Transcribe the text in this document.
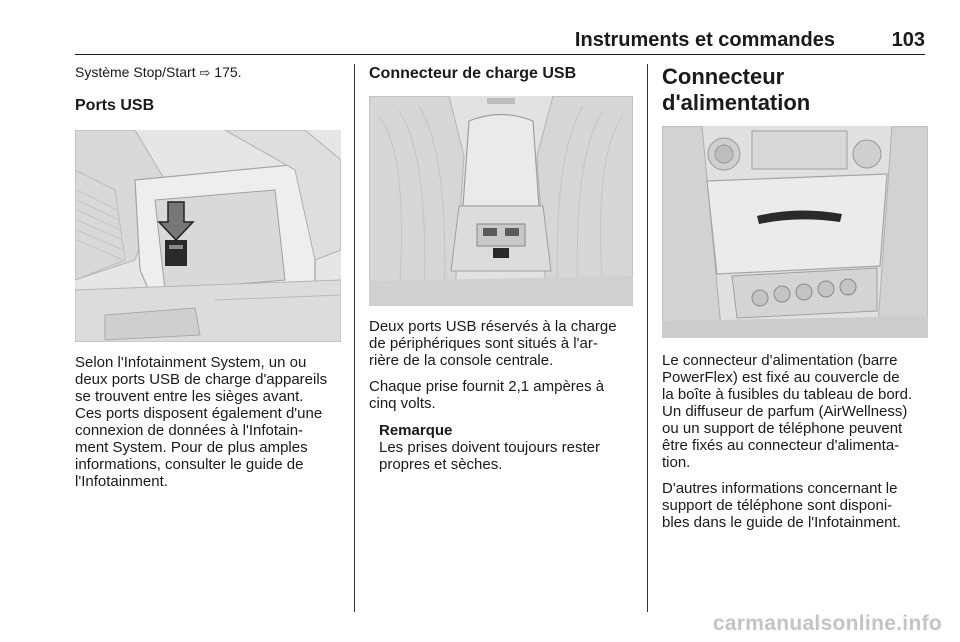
Instruments et commandes	103

Système Stop/Start ⇨ 175.

Ports USB

Selon l'Infotainment System, un ou
deux ports USB de charge d'appareils
se trouvent entre les sièges avant.
Ces ports disposent également d'une
connexion de données à l'Infotain-
ment System. Pour de plus amples
informations, consulter le guide de
l'Infotainment.

Connecteur de charge USB

Deux ports USB réservés à la charge
de périphériques sont situés à l'ar-
rière de la console centrale.

Chaque prise fournit 2,1 ampères à
cinq volts.

Remarque

Les prises doivent toujours rester
propres et sèches.

Connecteur d'alimentation

Le connecteur d'alimentation (barre
PowerFlex) est fixé au couvercle de
la boîte à fusibles du tableau de bord.
Un diffuseur de parfum (AirWellness)
ou un support de téléphone peuvent
être fixés au connecteur d'alimenta-
tion.

D'autres informations concernant le
support de téléphone sont disponi-
bles dans le guide de l'Infotainment.

carmanualsonline.info
